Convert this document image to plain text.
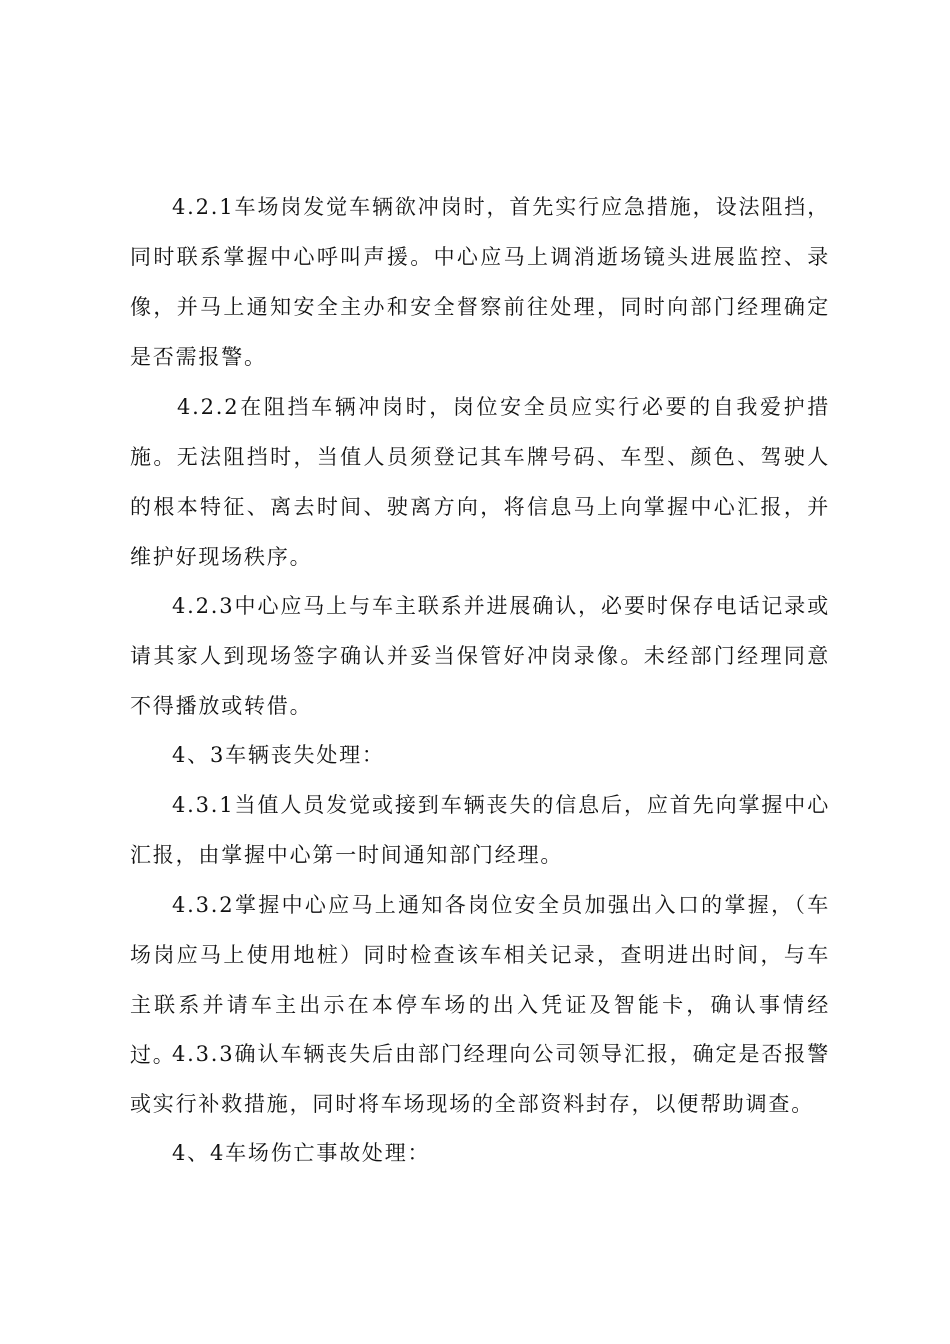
4.2.1车场岗发觉车辆欲冲岗时，首先实行应急措施，设法阻挡，同时联系掌握中心呼叫声援。中心应马上调消逝场镜头进展监控、录像，并马上通知安全主办和安全督察前往处理，同时向部门经理确定是否需报警。

4.2.2在阻挡车辆冲岗时，岗位安全员应实行必要的自我爱护措施。无法阻挡时，当值人员须登记其车牌号码、车型、颜色、驾驶人的根本特征、离去时间、驶离方向，将信息马上向掌握中心汇报，并维护好现场秩序。

4.2.3中心应马上与车主联系并进展确认，必要时保存电话记录或请其家人到现场签字确认并妥当保管好冲岗录像。未经部门经理同意不得播放或转借。

4、3车辆丧失处理：

4.3.1当值人员发觉或接到车辆丧失的信息后，应首先向掌握中心汇报，由掌握中心第一时间通知部门经理。

4.3.2掌握中心应马上通知各岗位安全员加强出入口的掌握，（车场岗应马上使用地桩）同时检查该车相关记录，查明进出时间，与车主联系并请车主出示在本停车场的出入凭证及智能卡，确认事情经过。

4.3.3确认车辆丧失后由部门经理向公司领导汇报，确定是否报警或实行补救措施，同时将车场现场的全部资料封存，以便帮助调查。

4、4车场伤亡事故处理：
